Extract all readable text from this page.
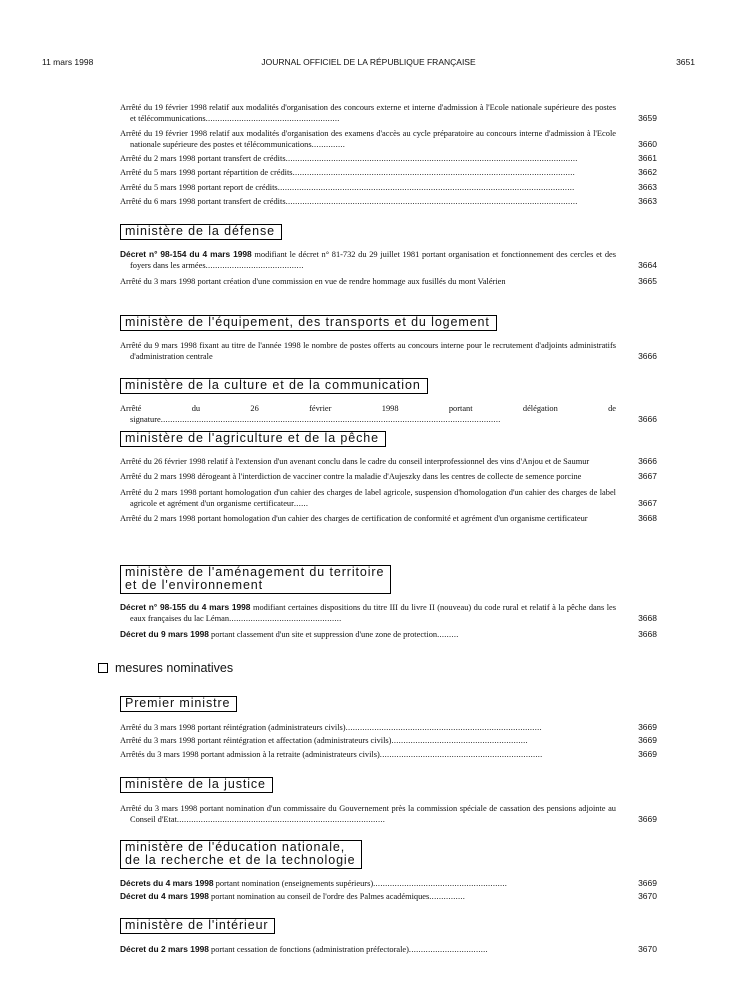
11 mars 1998	JOURNAL OFFICIEL DE LA RÉPUBLIQUE FRANÇAISE	3651
Arrêté du 19 février 1998 relatif aux modalités d'organisation des concours externe et interne d'admission à l'Ecole nationale supérieure des postes et télécommunications........................................................	3659
Arrêté du 19 février 1998 relatif aux modalités d'organisation des examens d'accès au cycle préparatoire au concours interne d'admission à l'Ecole nationale supérieure des postes et télécommunications..............	3660
Arrêté du 2 mars 1998 portant transfert de crédits..........................................................................................................................	3661
Arrêté du 5 mars 1998 portant répartition de crédits......................................................................................................................	3662
Arrêté du 5 mars 1998 portant report de crédits............................................................................................................................	3663
Arrêté du 6 mars 1998 portant transfert de crédits..........................................................................................................................	3663
ministère de la défense
Décret n° 98-154 du 4 mars 1998 modifiant le décret n° 81-732 du 29 juillet 1981 portant organisation et fonctionnement des cercles et des foyers dans les armées.........................................	3664
Arrêté du 3 mars 1998 portant création d'une commission en vue de rendre hommage aux fusillés du mont Valérien	3665
ministère de l'équipement, des transports et du logement
Arrêté du 9 mars 1998 fixant au titre de l'année 1998 le nombre de postes offerts au concours interne pour le recrutement d'adjoints administratifs d'administration centrale	3666
ministère de la culture et de la communication
Arrêté du 26 février 1998 portant délégation de signature..............................................................................................................................................	3666
ministère de l'agriculture et de la pêche
Arrêté du 26 février 1998 relatif à l'extension d'un avenant conclu dans le cadre du conseil interprofessionnel des vins d'Anjou et de Saumur	3666
Arrêté du 2 mars 1998 dérogeant à l'interdiction de vacciner contre la maladie d'Aujeszky dans les centres de collecte de semence porcine	3667
Arrêté du 2 mars 1998 portant homologation d'un cahier des charges de label agricole, suspension d'homologation d'un cahier des charges de label agricole et agrément d'un organisme certificateur......	3667
Arrêté du 2 mars 1998 portant homologation d'un cahier des charges de certification de conformité et agrément d'un organisme certificateur	3668
ministère de l'aménagement du territoire
et de l'environnement
Décret n° 98-155 du 4 mars 1998 modifiant certaines dispositions du titre III du livre II (nouveau) du code rural et relatif à la pêche dans les eaux françaises du lac Léman...............................................	3668
Décret du 9 mars 1998 portant classement d'un site et suppression d'une zone de protection.........	3668
mesures nominatives
Premier ministre
Arrêté du 3 mars 1998 portant réintégration (administrateurs civils)..................................................................................	3669
Arrêté du 3 mars 1998 portant réintégration et affectation (administrateurs civils).........................................................	3669
Arrêtés du 3 mars 1998 portant admission à la retraite (administrateurs civils)....................................................................	3669
ministère de la justice
Arrêté du 3 mars 1998 portant nomination d'un commissaire du Gouvernement près la commission spéciale de cassation des pensions adjointe au Conseil d'Etat.......................................................................................	3669
ministère de l'éducation nationale,
de la recherche et de la technologie
Décrets du 4 mars 1998 portant nomination (enseignements supérieurs)........................................................	3669
Décret du 4 mars 1998 portant nomination au conseil de l'ordre des Palmes académiques...............	3670
ministère de l'intérieur
Décret du 2 mars 1998 portant cessation de fonctions (administration préfectorale).................................	3670
